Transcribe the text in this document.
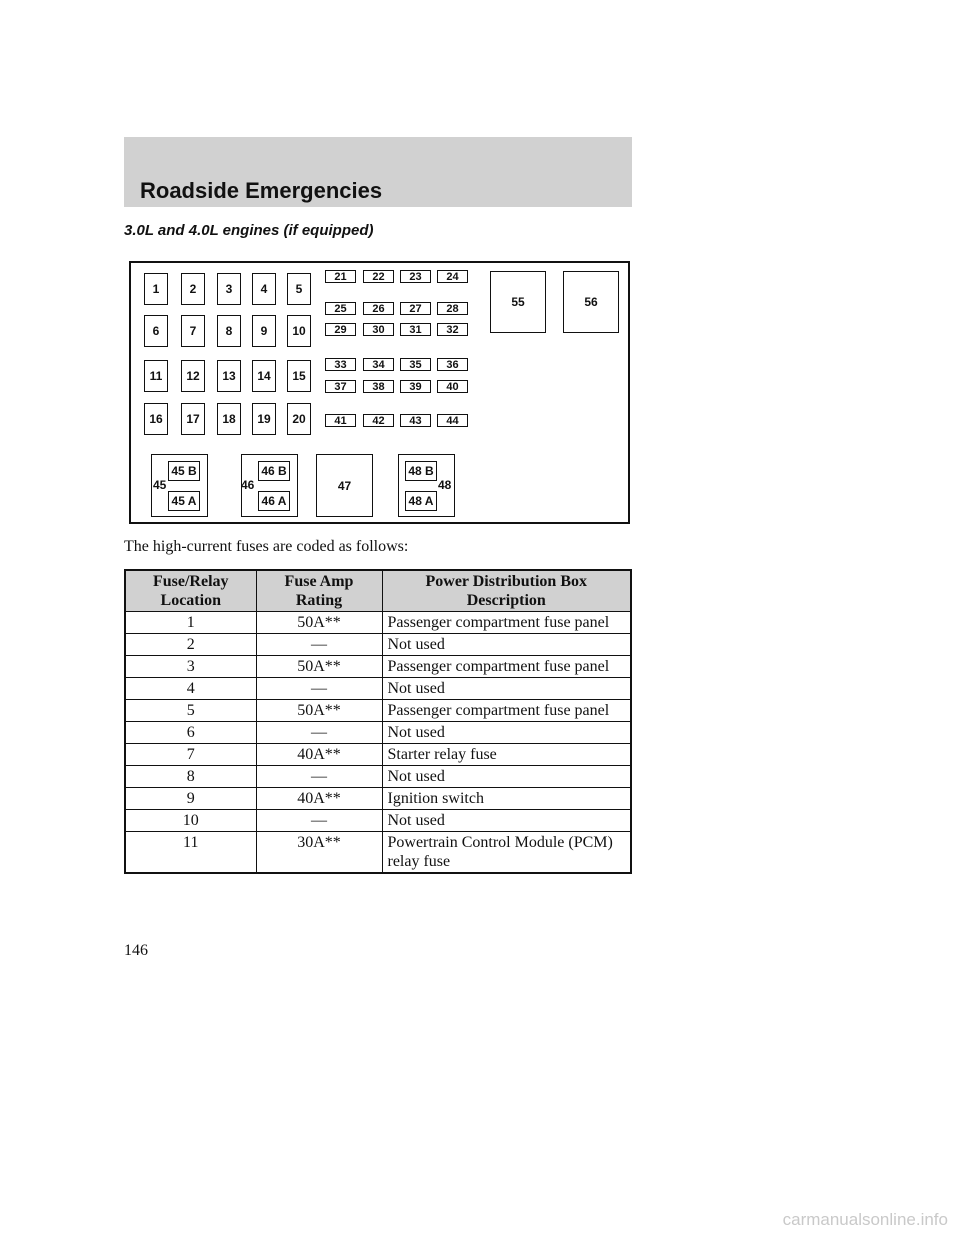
Roadside Emergencies
3.0L and 4.0L engines (if equipped)
55	56
47
45 B
45 A
45
46 B
46 A
46
48 B
48 A
48
1	2	3	4	5
6	7	8	9	10
11	12	13	14	15
16	17	18	19	20
21	22	23	24
25	26	27	28
29	30	31	32
33	34	35	36
37	38	39	40
41	42	43	44
The high-current fuses are coded as follows:
Fuse/Relay Location	Fuse Amp Rating	Power Distribution Box Description
1	50A**	Passenger compartment fuse panel
2	—	Not used
3	50A**	Passenger compartment fuse panel
4	—	Not used
5	50A**	Passenger compartment fuse panel
6	—	Not used
7	40A**	Starter relay fuse
8	—	Not used
9	40A**	Ignition switch
10	—	Not used
11	30A**	Powertrain Control Module (PCM) relay fuse
146
carmanualsonline.info
